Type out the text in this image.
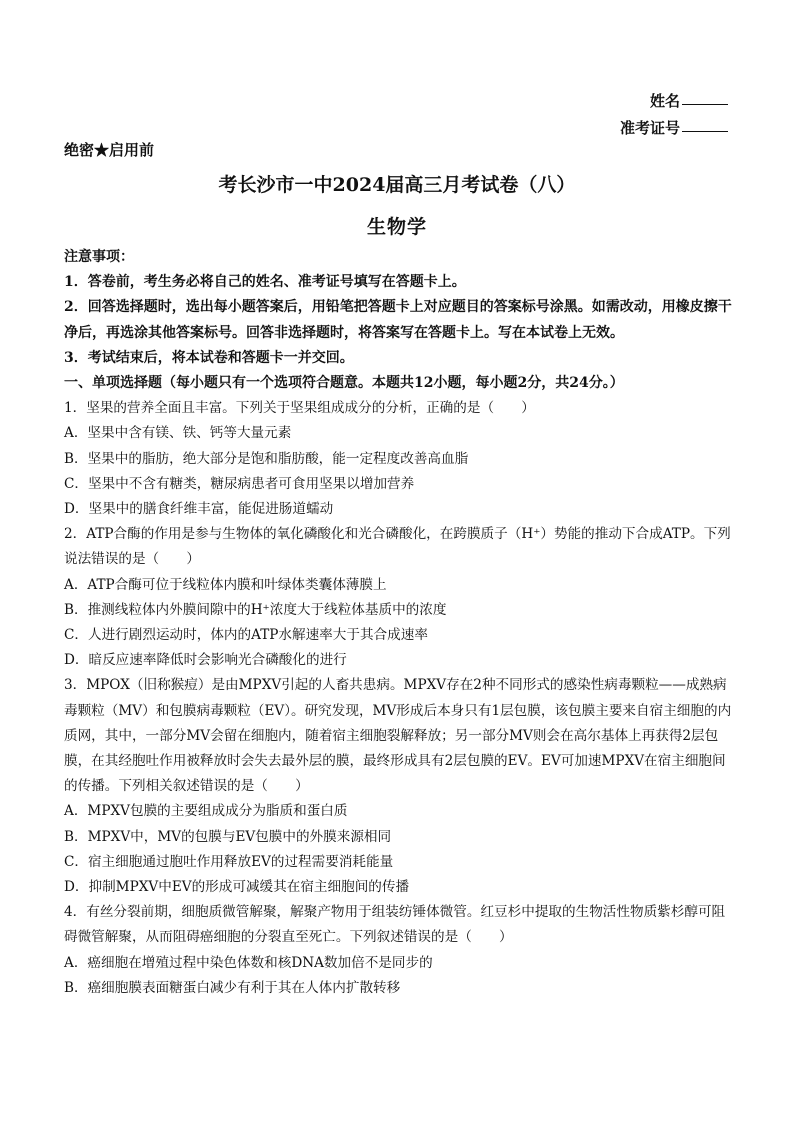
姓名
准考证号
绝密★启用前
考长沙市一中2024届高三月考试卷（八）
生物学

注意事项：

1．答卷前，考生务必将自己的姓名、准考证号填写在答题卡上。

2．回答选择题时，选出每小题答案后，用铅笔把答题卡上对应题目的答案标号涂黑。如需改动，用橡皮擦干净后，再选涂其他答案标号。回答非选择题时，将答案写在答题卡上。写在本试卷上无效。

3．考试结束后，将本试卷和答题卡一并交回。

一、单项选择题（每小题只有一个选项符合题意。本题共12小题，每小题2分，共24分。）

1．坚果的营养全面且丰富。下列关于坚果组成成分的分析，正确的是（　　）

A．坚果中含有镁、铁、钙等大量元素

B．坚果中的脂肪，绝大部分是饱和脂肪酸，能一定程度改善高血脂

C．坚果中不含有糖类，糖尿病患者可食用坚果以增加营养

D．坚果中的膳食纤维丰富，能促进肠道蠕动

2．ATP合酶的作用是参与生物体的氧化磷酸化和光合磷酸化，在跨膜质子（H⁺）势能的推动下合成ATP。下列说法错误的是（　　）

A．ATP合酶可位于线粒体内膜和叶绿体类囊体薄膜上

B．推测线粒体内外膜间隙中的H⁺浓度大于线粒体基质中的浓度

C．人进行剧烈运动时，体内的ATP水解速率大于其合成速率

D．暗反应速率降低时会影响光合磷酸化的进行

3．MPOX（旧称猴痘）是由MPXV引起的人畜共患病。MPXV存在2种不同形式的感染性病毒颗粒——成熟病毒颗粒（MV）和包膜病毒颗粒（EV）。研究发现，MV形成后本身只有1层包膜，该包膜主要来自宿主细胞的内质网，其中，一部分MV会留在细胞内，随着宿主细胞裂解释放；另一部分MV则会在高尔基体上再获得2层包膜，在其经胞吐作用被释放时会失去最外层的膜，最终形成具有2层包膜的EV。EV可加速MPXV在宿主细胞间的传播。下列相关叙述错误的是（　　）

A．MPXV包膜的主要组成成分为脂质和蛋白质

B．MPXV中，MV的包膜与EV包膜中的外膜来源相同

C．宿主细胞通过胞吐作用释放EV的过程需要消耗能量

D．抑制MPXV中EV的形成可减缓其在宿主细胞间的传播

4．有丝分裂前期，细胞质微管解聚，解聚产物用于组装纺锤体微管。红豆杉中提取的生物活性物质紫杉醇可阻碍微管解聚，从而阻碍癌细胞的分裂直至死亡。下列叙述错误的是（　　）

A．癌细胞在增殖过程中染色体数和核DNA数加倍不是同步的

B．癌细胞膜表面糖蛋白减少有利于其在人体内扩散转移
